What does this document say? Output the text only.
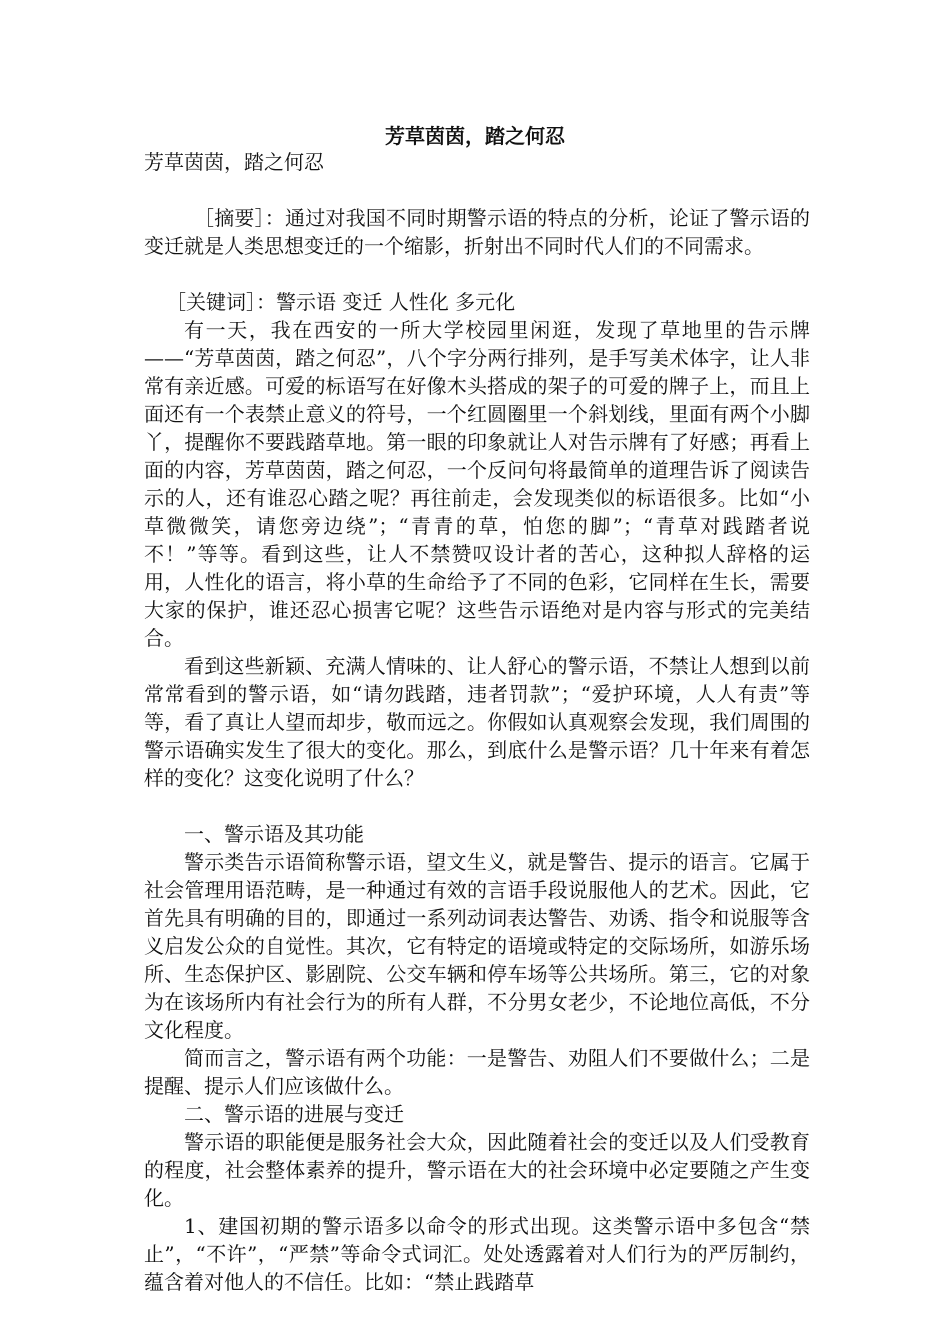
芳草茵茵，踏之何忍

芳草茵茵，踏之何忍

［摘要］：通过对我国不同时期警示语的特点的分析，论证了警示语的变迁就是人类思想变迁的一个缩影，折射出不同时代人们的不同需求。

［关键词］：警示语 变迁 人性化 多元化

有一天，我在西安的一所大学校园里闲逛，发现了草地里的告示牌——“芳草茵茵，踏之何忍”，八个字分两行排列，是手写美术体字，让人非常有亲近感。可爱的标语写在好像木头搭成的架子的可爱的牌子上，而且上面还有一个表禁止意义的符号，一个红圆圈里一个斜划线，里面有两个小脚丫，提醒你不要践踏草地。第一眼的印象就让人对告示牌有了好感；再看上面的内容，芳草茵茵，踏之何忍，一个反问句将最简单的道理告诉了阅读告示的人，还有谁忍心踏之呢？再往前走，会发现类似的标语很多。比如“小草微微笑，请您旁边绕”；“青青的草，怕您的脚”；“青草对践踏者说不！”等等。看到这些，让人不禁赞叹设计者的苦心，这种拟人辞格的运用，人性化的语言，将小草的生命给予了不同的色彩，它同样在生长，需要大家的保护，谁还忍心损害它呢？这些告示语绝对是内容与形式的完美结合。

看到这些新颖、充满人情味的、让人舒心的警示语，不禁让人想到以前常常看到的警示语，如“请勿践踏，违者罚款”；“爱护环境，人人有责”等等，看了真让人望而却步，敬而远之。你假如认真观察会发现，我们周围的警示语确实发生了很大的变化。那么，到底什么是警示语？几十年来有着怎样的变化？这变化说明了什么？

一、警示语及其功能

警示类告示语简称警示语，望文生义，就是警告、提示的语言。它属于社会管理用语范畴，是一种通过有效的言语手段说服他人的艺术。因此，它首先具有明确的目的，即通过一系列动词表达警告、劝诱、指令和说服等含义启发公众的自觉性。其次，它有特定的语境或特定的交际场所，如游乐场所、生态保护区、影剧院、公交车辆和停车场等公共场所。第三，它的对象为在该场所内有社会行为的所有人群，不分男女老少，不论地位高低，不分文化程度。

简而言之，警示语有两个功能：一是警告、劝阻人们不要做什么；二是提醒、提示人们应该做什么。

二、警示语的进展与变迁

警示语的职能便是服务社会大众，因此随着社会的变迁以及人们受教育的程度，社会整体素养的提升，警示语在大的社会环境中必定要随之产生变化。

1、建国初期的警示语多以命令的形式出现。这类警示语中多包含“禁止”，“不许”，“严禁”等命令式词汇。处处透露着对人们行为的严厉制约，蕴含着对他人的不信任。比如：“禁止践踏草
